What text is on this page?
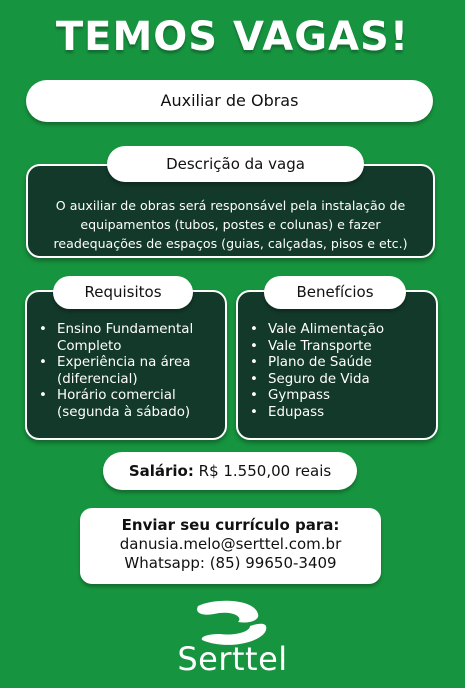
TEMOS VAGAS!
Auxiliar de Obras
O auxiliar de obras será responsável pela instalação de equipamentos (tubos, postes e colunas) e fazer readequações de espaços (guias, calçadas, pisos e etc.)
Descrição da vaga
• Ensino Fundamental Completo
• Experiência na área (diferencial)
• Horário comercial (segunda à sábado)
Requisitos
• Vale Alimentação
• Vale Transporte
• Plano de Saúde
• Seguro de Vida
• Gympass
• Edupass
Benefícios
Salário: R$ 1.550,00 reais
Enviar seu currículo para:
danusia.melo@serttel.com.br
Whatsapp: (85) 99650-3409
Serttel
